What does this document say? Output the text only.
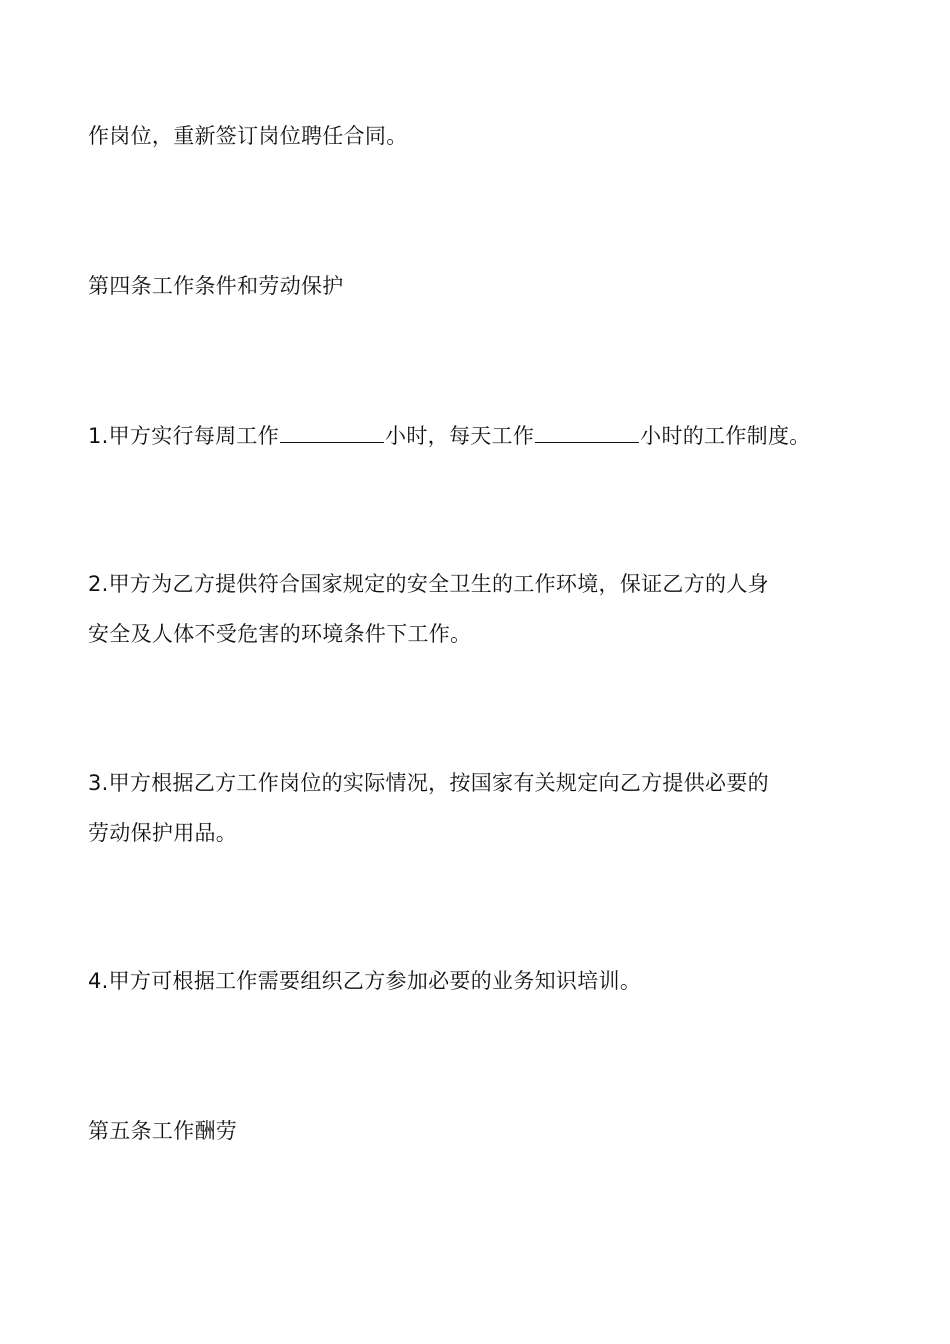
作岗位，重新签订岗位聘任合同。
第四条工作条件和劳动保护
1.甲方实行每周工作	小时，每天工作	小时的工作制度。
2.甲方为乙方提供符合国家规定的安全卫生的工作环境，保证乙方的人身
安全及人体不受危害的环境条件下工作。
3.甲方根据乙方工作岗位的实际情况，按国家有关规定向乙方提供必要的
劳动保护用品。
4.甲方可根据工作需要组织乙方参加必要的业务知识培训。
第五条工作酬劳
